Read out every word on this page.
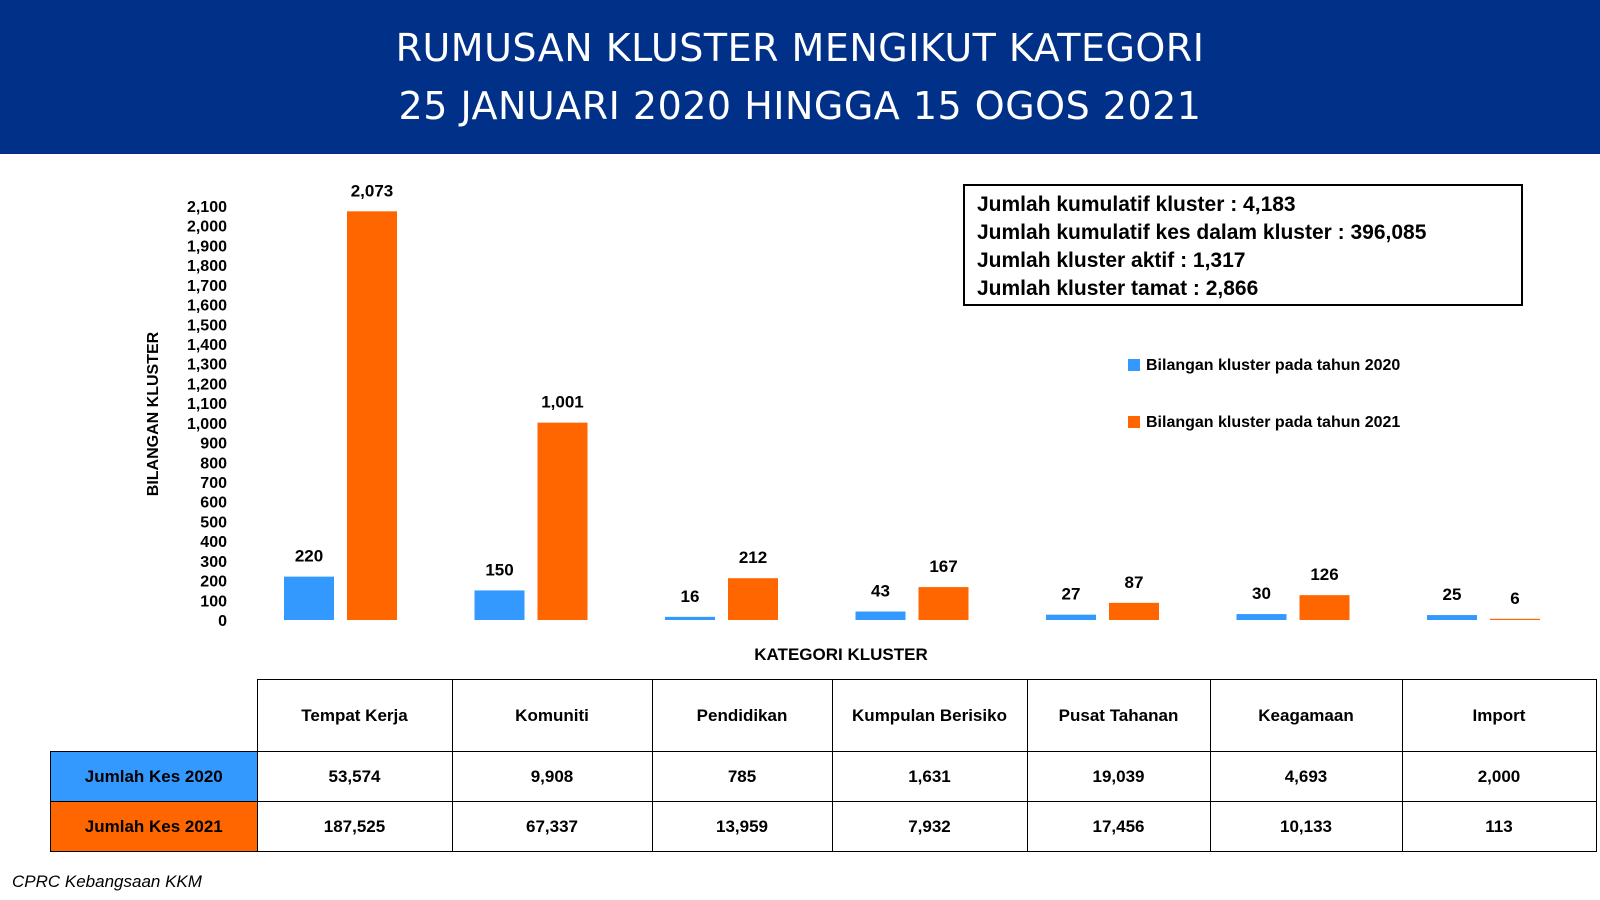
RUMUSAN KLUSTER MENGIKUT KATEGORI
25 JANUARI 2020 HINGGA 15 OGOS 2021
0
100
200
300
400
500
600
700
800
900
1,000
1,100
1,200
1,300
1,400
1,500
1,600
1,700
1,800
1,900
2,000
2,100
BILANGAN KLUSTER
KATEGORI KLUSTER
220
2,073
150
1,001
16
212
43
167
27
87
30
126
25	6
Jumlah kumulatif kluster : 4,183
Jumlah kumulatif kes dalam kluster : 396,085
Jumlah kluster aktif : 1,317
Jumlah kluster tamat : 2,866
Bilangan kluster pada tahun 2020
Bilangan kluster pada tahun 2021
	Tempat Kerja	Komuniti	Pendidikan	Kumpulan Berisiko	Pusat Tahanan	Keagamaan	Import
Jumlah Kes 2020	53,574	9,908	785	1,631	19,039	4,693	2,000
Jumlah Kes 2021	187,525	67,337	13,959	7,932	17,456	10,133	113
CPRC Kebangsaan KKM
